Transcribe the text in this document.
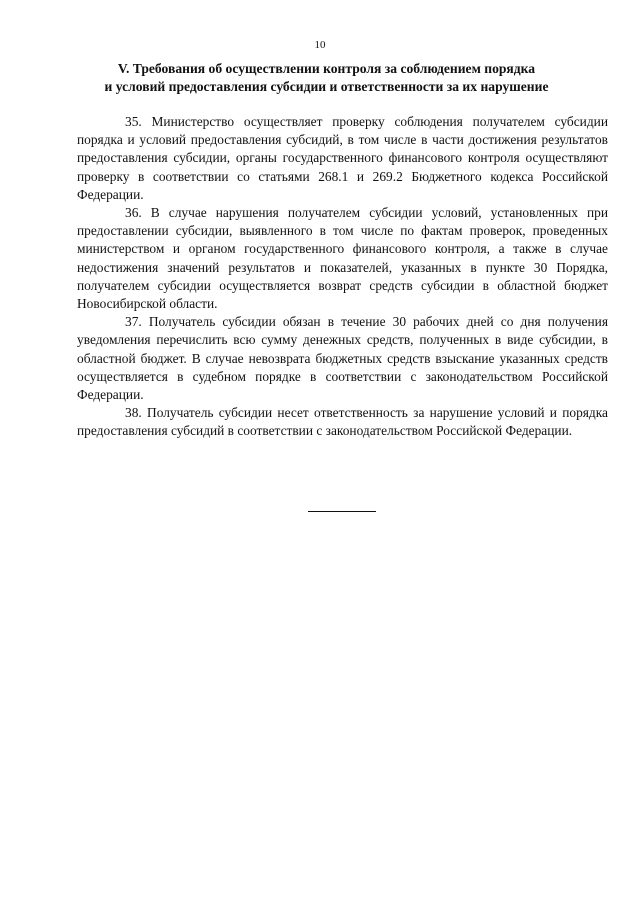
10
V. Требования об осуществлении контроля за соблюдением порядка
и условий предоставления субсидии и ответственности за их нарушение

35. Министерство осуществляет проверку соблюдения получателем субсидии порядка и условий предоставления субсидий, в том числе в части достижения результатов предоставления субсидии, органы государственного финансового контроля осуществляют проверку в соответствии со статьями 268.1 и 269.2 Бюджетного кодекса Российской Федерации.

36. В случае нарушения получателем субсидии условий, установленных при предоставлении субсидии, выявленного в том числе по фактам проверок, проведенных министерством и органом государственного финансового контроля, а также в случае недостижения значений результатов и показателей, указанных в пункте 30 Порядка, получателем субсидии осуществляется возврат средств субсидии в областной бюджет Новосибирской области.

37. Получатель субсидии обязан в течение 30 рабочих дней со дня получения уведомления перечислить всю сумму денежных средств, полученных в виде субсидии, в областной бюджет. В случае невозврата бюджетных средств взыскание указанных средств осуществляется в судебном порядке в соответствии с законодательством Российской Федерации.

38. Получатель субсидии несет ответственность за нарушение условий и порядка предоставления субсидий в соответствии с законодательством Российской Федерации.
